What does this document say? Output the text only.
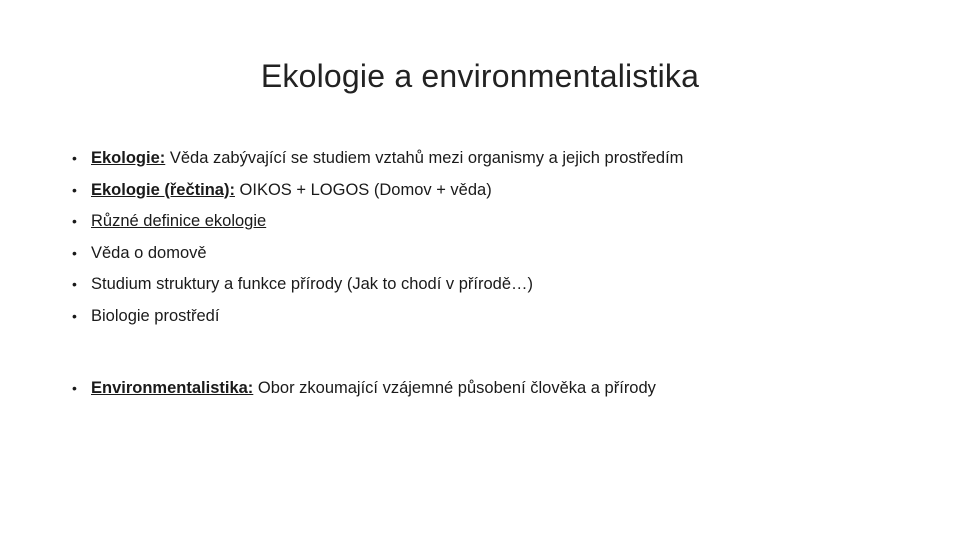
Ekologie a environmentalistika
• Ekologie: Věda zabývající se studiem vztahů mezi organismy a jejich prostředím
• Ekologie (řečtina): OIKOS + LOGOS (Domov + věda)
• Různé definice ekologie
• Věda o domově
• Studium struktury a funkce přírody (Jak to chodí v přírodě…)
• Biologie prostředí
• Environmentalistika: Obor zkoumající vzájemné působení člověka a přírody
